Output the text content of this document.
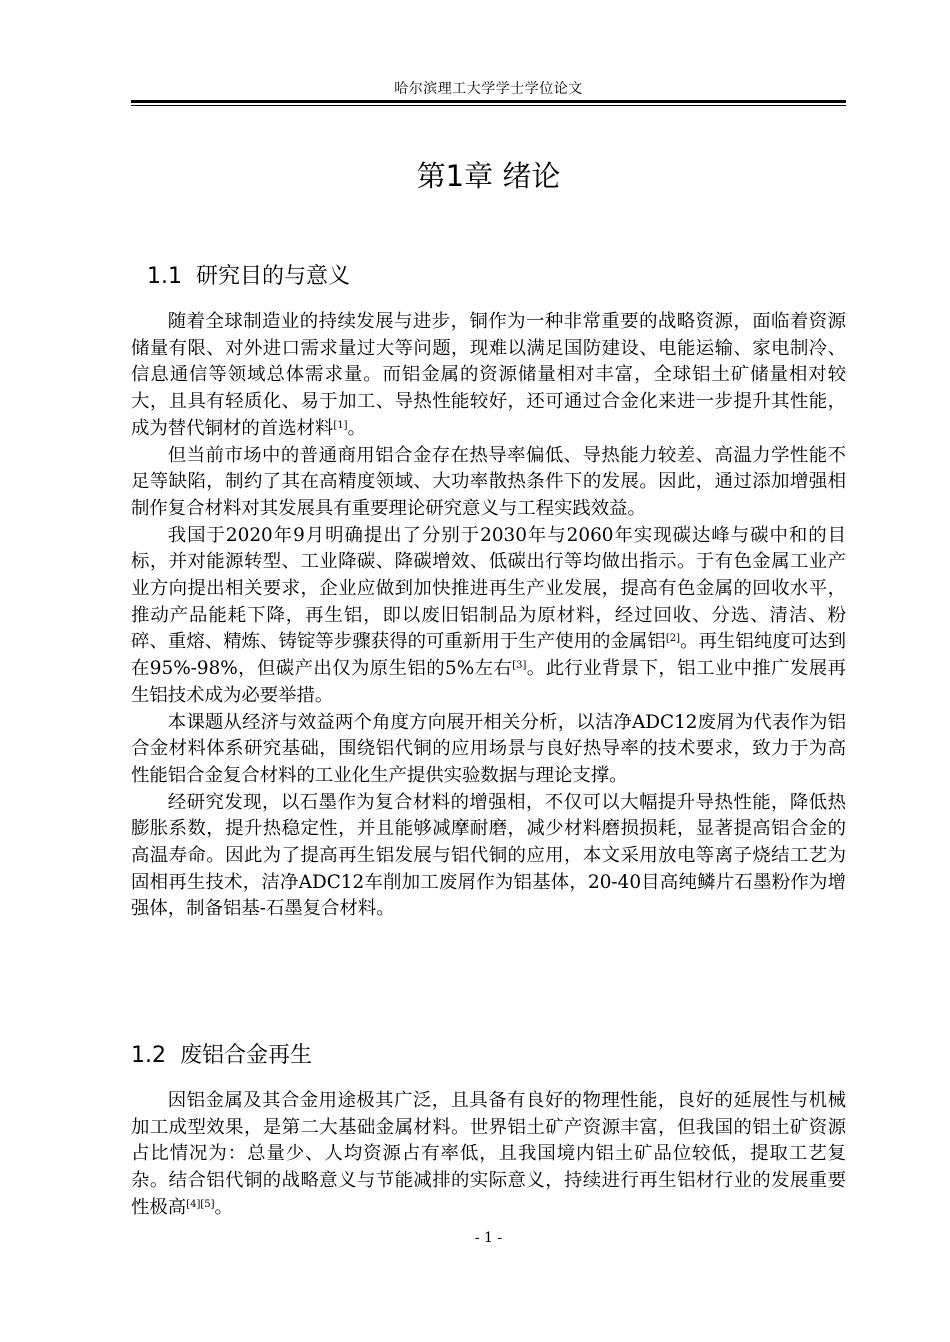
哈尔滨理工大学学士学位论文
第1章 绪论
1.1 研究目的与意义

随着全球制造业的持续发展与进步，铜作为一种非常重要的战略资源，面临着资源储量有限、对外进口需求量过大等问题，现难以满足国防建设、电能运输、家电制冷、信息通信等领域总体需求量。而铝金属的资源储量相对丰富，全球铝土矿储量相对较大，且具有轻质化、易于加工、导热性能较好，还可通过合金化来进一步提升其性能，成为替代铜材的首选材料[1]。

但当前市场中的普通商用铝合金存在热导率偏低、导热能力较差、高温力学性能不足等缺陷，制约了其在高精度领域、大功率散热条件下的发展。因此，通过添加增强相制作复合材料对其发展具有重要理论研究意义与工程实践效益。

我国于2020年9月明确提出了分别于2030年与2060年实现碳达峰与碳中和的目标，并对能源转型、工业降碳、降碳增效、低碳出行等均做出指示。于有色金属工业产业方向提出相关要求，企业应做到加快推进再生产业发展，提高有色金属的回收水平，推动产品能耗下降，再生铝，即以废旧铝制品为原材料，经过回收、分选、清洁、粉碎、重熔、精炼、铸锭等步骤获得的可重新用于生产使用的金属铝[2]。再生铝纯度可达到在95%-98%，但碳产出仅为原生铝的5%左右[3]。此行业背景下，铝工业中推广发展再生铝技术成为必要举措。

本课题从经济与效益两个角度方向展开相关分析，以洁净ADC12废屑为代表作为铝合金材料体系研究基础，围绕铝代铜的应用场景与良好热导率的技术要求，致力于为高性能铝合金复合材料的工业化生产提供实验数据与理论支撑。

经研究发现，以石墨作为复合材料的增强相，不仅可以大幅提升导热性能，降低热膨胀系数，提升热稳定性，并且能够减摩耐磨，减少材料磨损损耗，显著提高铝合金的高温寿命。因此为了提高再生铝发展与铝代铜的应用，本文采用放电等离子烧结工艺为固相再生技术，洁净ADC12车削加工废屑作为铝基体，20-40目高纯鳞片石墨粉作为增强体，制备铝基-石墨复合材料。

1.2 废铝合金再生

因铝金属及其合金用途极其广泛，且具备有良好的物理性能，良好的延展性与机械加工成型效果，是第二大基础金属材料。世界铝土矿产资源丰富，但我国的铝土矿资源占比情况为：总量少、人均资源占有率低，且我国境内铝土矿品位较低，提取工艺复杂。结合铝代铜的战略意义与节能减排的实际意义，持续进行再生铝材行业的发展重要性极高[4][5]。

- 1 -
